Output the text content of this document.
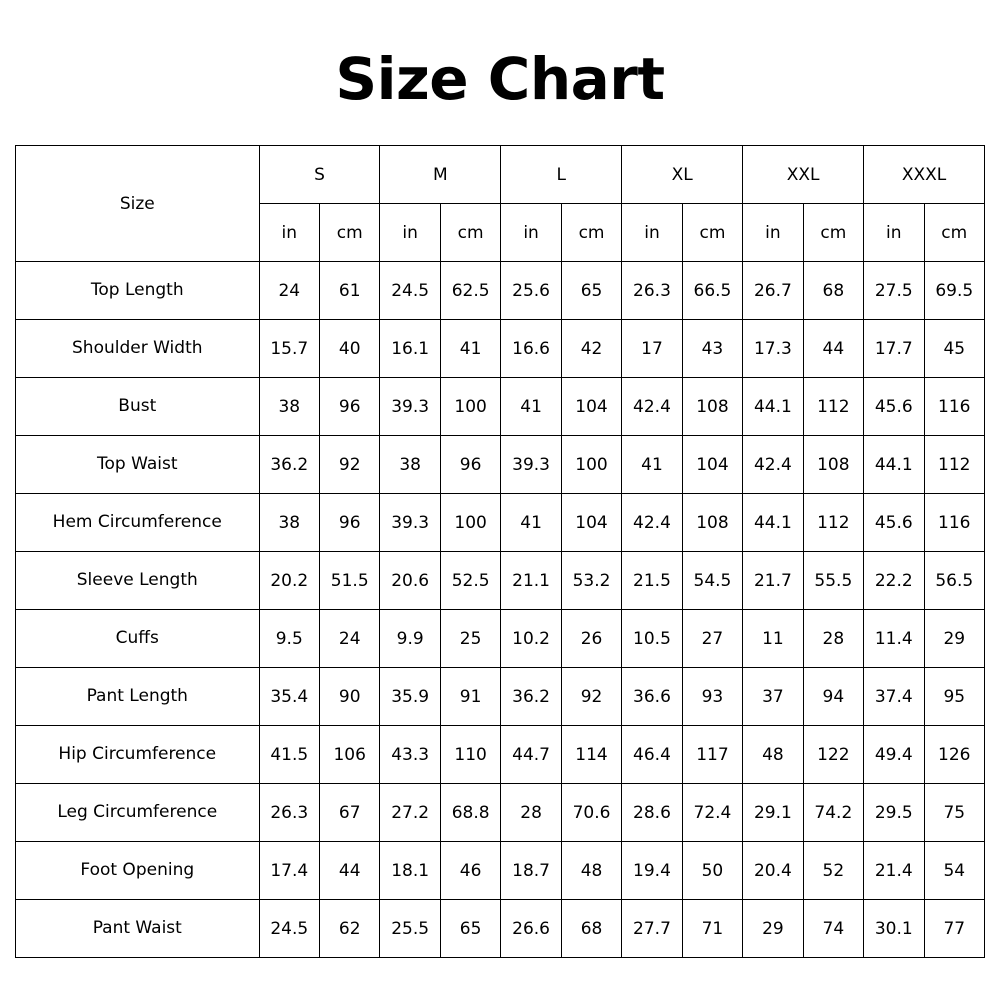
Size Chart
Size	S		M		L		XL		XXL		XXXL	
	in	cm	in	cm	in	cm	in	cm	in	cm	in	cm
Top Length	24	61	24.5	62.5	25.6	65	26.3	66.5	26.7	68	27.5	69.5
Shoulder Width	15.7	40	16.1	41	16.6	42	17	43	17.3	44	17.7	45
Bust	38	96	39.3	100	41	104	42.4	108	44.1	112	45.6	116
Top Waist	36.2	92	38	96	39.3	100	41	104	42.4	108	44.1	112
Hem Circumference	38	96	39.3	100	41	104	42.4	108	44.1	112	45.6	116
Sleeve Length	20.2	51.5	20.6	52.5	21.1	53.2	21.5	54.5	21.7	55.5	22.2	56.5
Cuffs	9.5	24	9.9	25	10.2	26	10.5	27	11	28	11.4	29
Pant Length	35.4	90	35.9	91	36.2	92	36.6	93	37	94	37.4	95
Hip Circumference	41.5	106	43.3	110	44.7	114	46.4	117	48	122	49.4	126
Leg Circumference	26.3	67	27.2	68.8	28	70.6	28.6	72.4	29.1	74.2	29.5	75
Foot Opening	17.4	44	18.1	46	18.7	48	19.4	50	20.4	52	21.4	54
Pant Waist	24.5	62	25.5	65	26.6	68	27.7	71	29	74	30.1	77
